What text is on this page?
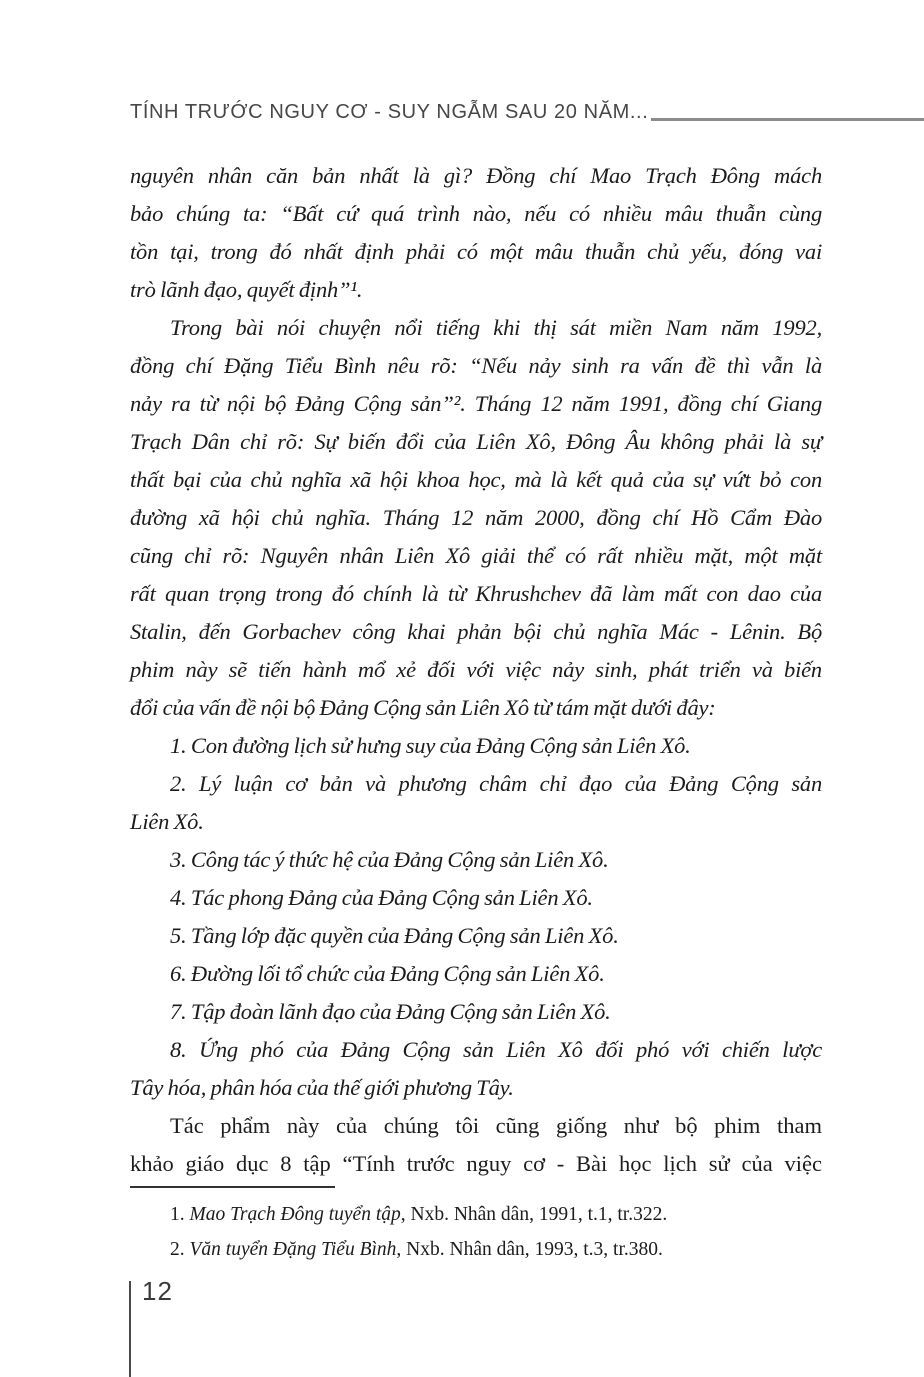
TÍNH TRƯỚC NGUY CƠ - SUY NGẪM SAU 20 NĂM...
nguyên nhân căn bản nhất là gì? Đồng chí Mao Trạch Đông mách
bảo chúng ta: “Bất cứ quá trình nào, nếu có nhiều mâu thuẫn cùng
tồn tại, trong đó nhất định phải có một mâu thuẫn chủ yếu, đóng vai
trò lãnh đạo, quyết định”¹.
Trong bài nói chuyện nổi tiếng khi thị sát miền Nam năm 1992,
đồng chí Đặng Tiểu Bình nêu rõ: “Nếu nảy sinh ra vấn đề thì vẫn là
nảy ra từ nội bộ Đảng Cộng sản”². Tháng 12 năm 1991, đồng chí Giang
Trạch Dân chỉ rõ: Sự biến đổi của Liên Xô, Đông Âu không phải là sự
thất bại của chủ nghĩa xã hội khoa học, mà là kết quả của sự vứt bỏ con
đường xã hội chủ nghĩa. Tháng 12 năm 2000, đồng chí Hồ Cẩm Đào
cũng chỉ rõ: Nguyên nhân Liên Xô giải thể có rất nhiều mặt, một mặt
rất quan trọng trong đó chính là từ Khrushchev đã làm mất con dao của
Stalin, đến Gorbachev công khai phản bội chủ nghĩa Mác - Lênin. Bộ
phim này sẽ tiến hành mổ xẻ đối với việc nảy sinh, phát triển và biến
đổi của vấn đề nội bộ Đảng Cộng sản Liên Xô từ tám mặt dưới đây:
1. Con đường lịch sử hưng suy của Đảng Cộng sản Liên Xô.
2. Lý luận cơ bản và phương châm chỉ đạo của Đảng Cộng sản
Liên Xô.
3. Công tác ý thức hệ của Đảng Cộng sản Liên Xô.
4. Tác phong Đảng của Đảng Cộng sản Liên Xô.
5. Tầng lớp đặc quyền của Đảng Cộng sản Liên Xô.
6. Đường lối tổ chức của Đảng Cộng sản Liên Xô.
7. Tập đoàn lãnh đạo của Đảng Cộng sản Liên Xô.
8. Ứng phó của Đảng Cộng sản Liên Xô đối phó với chiến lược
Tây hóa, phân hóa của thế giới phương Tây.
Tác phẩm này của chúng tôi cũng giống như bộ phim tham
khảo giáo dục 8 tập “Tính trước nguy cơ - Bài học lịch sử của việc
1. Mao Trạch Đông tuyển tập, Nxb. Nhân dân, 1991, t.1, tr.322.
2. Văn tuyển Đặng Tiểu Bình, Nxb. Nhân dân, 1993, t.3, tr.380.
12
